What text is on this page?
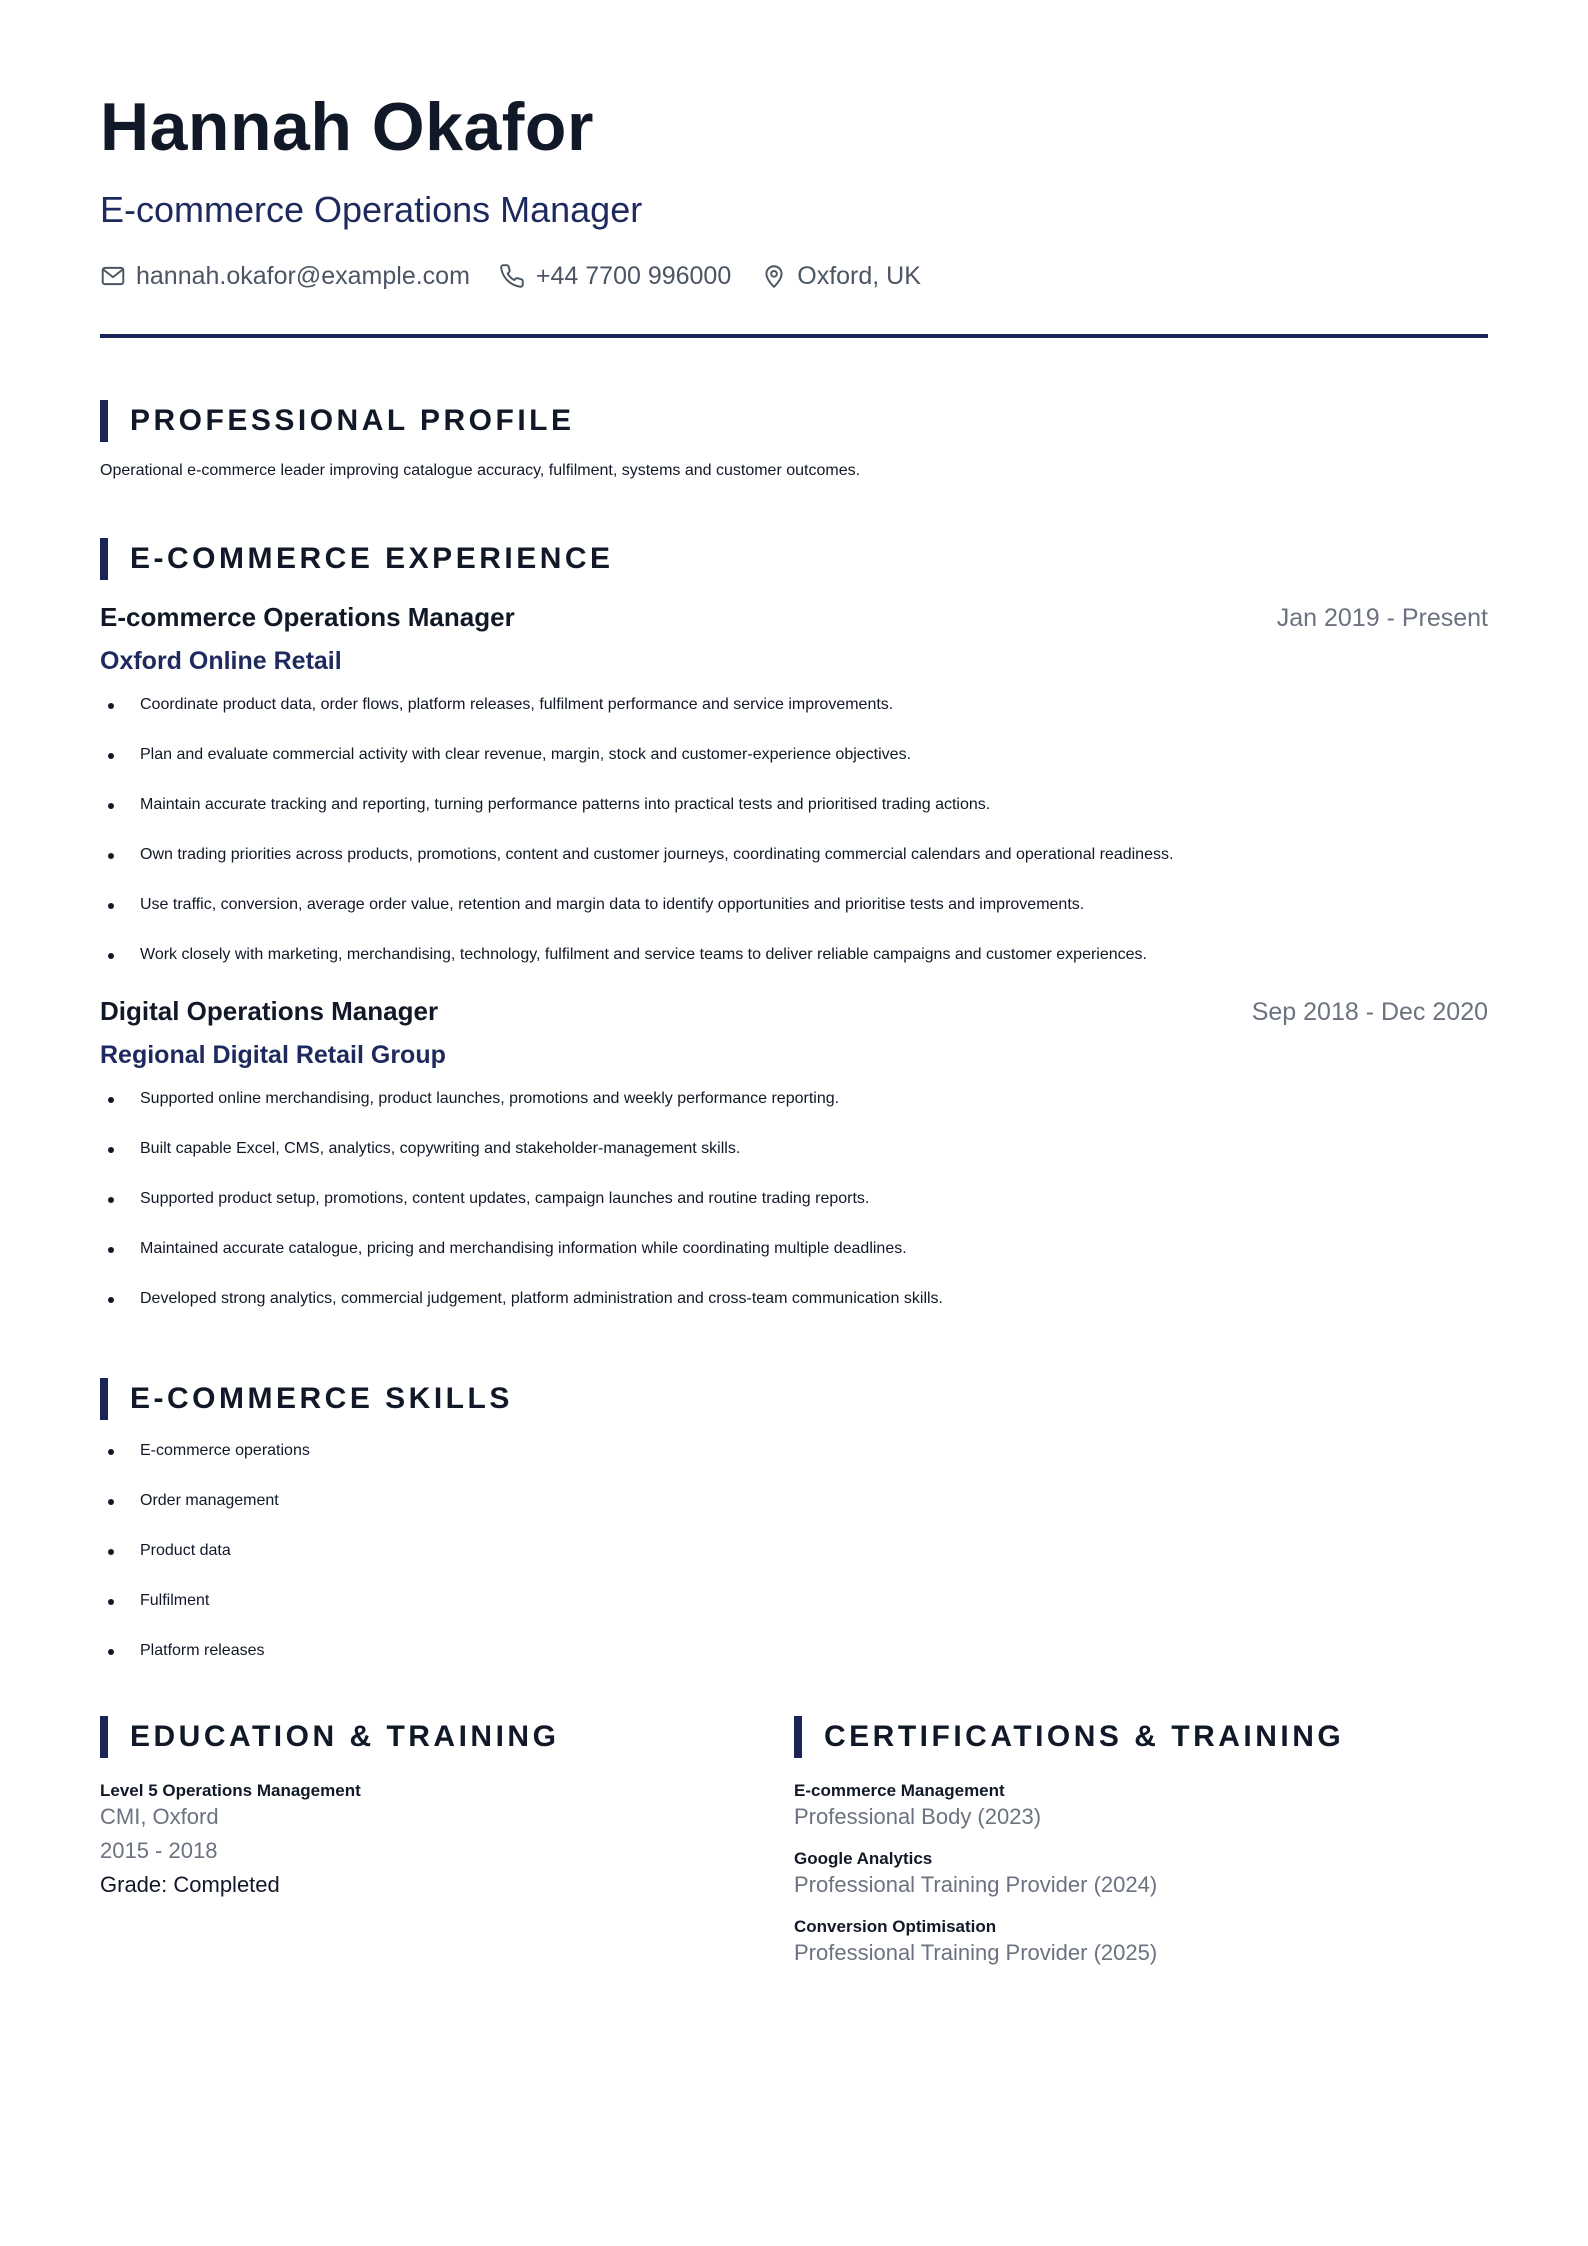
Hannah Okafor
E-commerce Operations Manager
hannah.okafor@example.com	+44 7700 996000	Oxford, UK
PROFESSIONAL PROFILE
Operational e-commerce leader improving catalogue accuracy, fulfilment, systems and customer outcomes.
E-COMMERCE EXPERIENCE
E-commerce Operations Manager	Jan 2019 - Present
Oxford Online Retail
Coordinate product data, order flows, platform releases, fulfilment performance and service improvements.
Plan and evaluate commercial activity with clear revenue, margin, stock and customer-experience objectives.
Maintain accurate tracking and reporting, turning performance patterns into practical tests and prioritised trading actions.
Own trading priorities across products, promotions, content and customer journeys, coordinating commercial calendars and operational readiness.
Use traffic, conversion, average order value, retention and margin data to identify opportunities and prioritise tests and improvements.
Work closely with marketing, merchandising, technology, fulfilment and service teams to deliver reliable campaigns and customer experiences.
Digital Operations Manager	Sep 2018 - Dec 2020
Regional Digital Retail Group
Supported online merchandising, product launches, promotions and weekly performance reporting.
Built capable Excel, CMS, analytics, copywriting and stakeholder-management skills.
Supported product setup, promotions, content updates, campaign launches and routine trading reports.
Maintained accurate catalogue, pricing and merchandising information while coordinating multiple deadlines.
Developed strong analytics, commercial judgement, platform administration and cross-team communication skills.
E-COMMERCE SKILLS
E-commerce operations
Order management
Product data
Fulfilment
Platform releases
EDUCATION & TRAINING
Level 5 Operations Management
CMI, Oxford
2015 - 2018
Grade: Completed
CERTIFICATIONS & TRAINING
E-commerce Management
Professional Body (2023)
Google Analytics
Professional Training Provider (2024)
Conversion Optimisation
Professional Training Provider (2025)
